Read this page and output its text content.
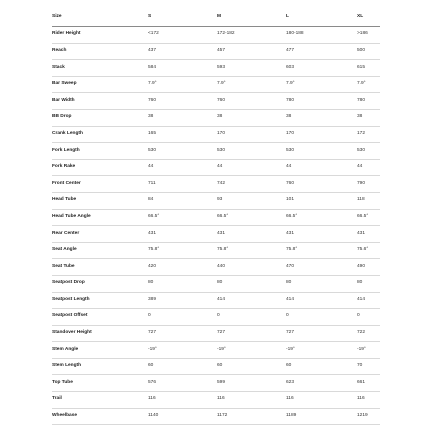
Size	S	M	L	XL
Rider Height	<172	172-182	180-188	>186
Reach	437	457	477	500
Stack	584	593	603	615
Bar Sweep	7.9°	7.9°	7.9°	7.9°
Bar Width	760	760	780	780
BB Drop	38	38	38	38
Crank Length	165	170	170	172
Fork Length	530	530	530	530
Fork Rake	44	44	44	44
Front Center	711	742	760	790
Head Tube	84	93	101	118
Head Tube Angle	66.5°	66.5°	66.5°	66.5°
Rear Center	431	431	431	431
Seat Angle	75.8°	75.8°	75.8°	75.6°
Seat Tube	420	440	470	490
Seatpost Drop	80	80	80	80
Seatpost Length	389	414	414	414
Seatpost Offset	0	0	0	0
Standover Height	727	727	727	722
Stem Angle	-19°	-19°	-19°	-19°
Stem Length	60	60	60	70
Top Tube	576	599	623	661
Trail	116	116	116	116
Wheelbase	1140	1172	1189	1219
